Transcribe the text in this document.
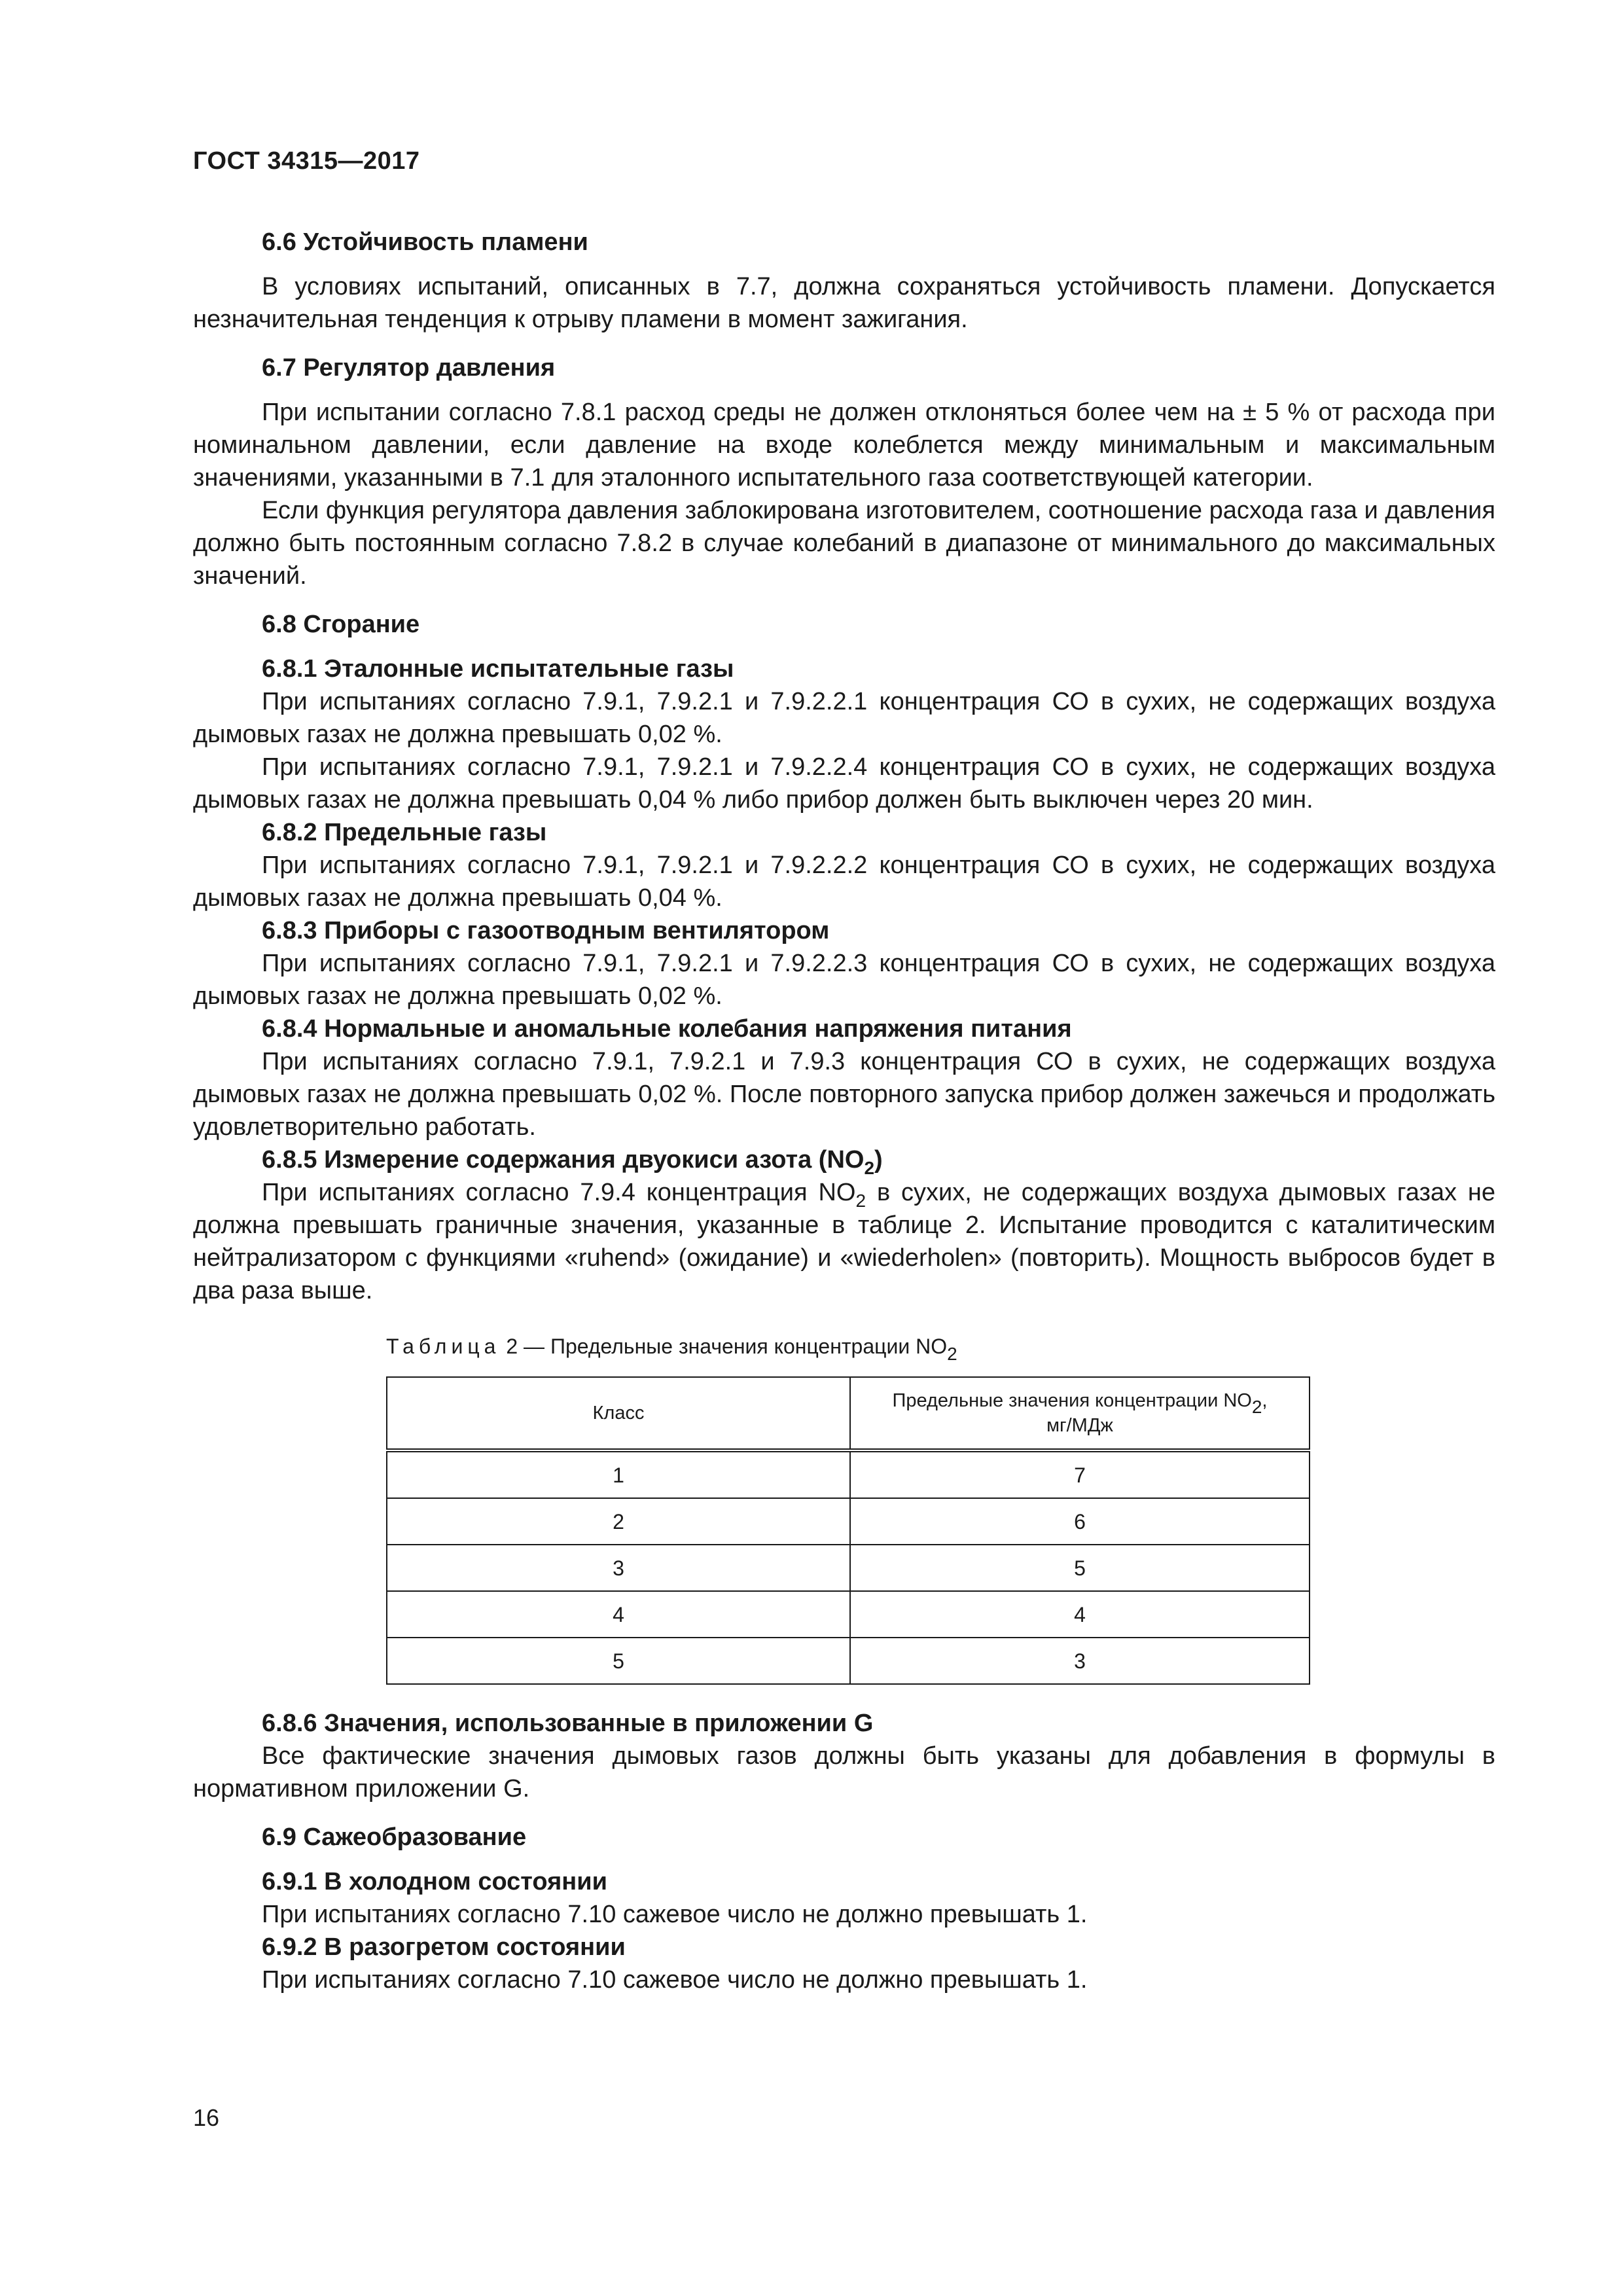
ГОСТ 34315—2017

6.6 Устойчивость пламени

В условиях испытаний, описанных в 7.7, должна сохраняться устойчивость пламени. Допускается незначительная тенденция к отрыву пламени в момент зажигания.

6.7 Регулятор давления

При испытании согласно 7.8.1 расход среды не должен отклоняться более чем на ± 5 % от расхода при номинальном давлении, если давление на входе колеблется между минимальным и максимальным значениями, указанными в 7.1 для эталонного испытательного газа соответствующей категории.

Если функция регулятора давления заблокирована изготовителем, соотношение расхода газа и давления должно быть постоянным согласно 7.8.2 в случае колебаний в диапазоне от минимального до максимальных значений.

6.8 Сгорание

6.8.1 Эталонные испытательные газы

При испытаниях согласно 7.9.1, 7.9.2.1 и 7.9.2.2.1 концентрация СО в сухих, не содержащих воздуха дымовых газах не должна превышать 0,02 %.

При испытаниях согласно 7.9.1, 7.9.2.1 и 7.9.2.2.4 концентрация СО в сухих, не содержащих воздуха дымовых газах не должна превышать 0,04 % либо прибор должен быть выключен через 20 мин.

6.8.2 Предельные газы

При испытаниях согласно 7.9.1, 7.9.2.1 и 7.9.2.2.2 концентрация СО в сухих, не содержащих воздуха дымовых газах не должна превышать 0,04 %.

6.8.3 Приборы с газоотводным вентилятором

При испытаниях согласно 7.9.1, 7.9.2.1 и 7.9.2.2.3 концентрация СО в сухих, не содержащих воздуха дымовых газах не должна превышать 0,02 %.

6.8.4 Нормальные и аномальные колебания напряжения питания

При испытаниях согласно 7.9.1, 7.9.2.1 и 7.9.3 концентрация СО в сухих, не содержащих воздуха дымовых газах не должна превышать 0,02 %. После повторного запуска прибор должен зажечься и продолжать удовлетворительно работать.

6.8.5 Измерение содержания двуокиси азота $(NO_2)$

При испытаниях согласно 7.9.4 концентрация $NO_2$ в сухих, не содержащих воздуха дымовых газах не должна превышать граничные значения, указанные в таблице 2. Испытание проводится с каталитическим нейтрализатором с функциями «ruhend» (ожидание) и «wiederholen» (повторить). Мощность выбросов будет в два раза выше.

Таблица 2 — Предельные значения концентрации $NO_2$

Класс	Предельные значения концентрации $NO_2$,
мг/МДж
1	7
2	6
3	5
4	4
5	3

6.8.6 Значения, использованные в приложении G

Все фактические значения дымовых газов должны быть указаны для добавления в формулы в нормативном приложении G.

6.9 Сажеобразование

6.9.1 В холодном состоянии

При испытаниях согласно 7.10 сажевое число не должно превышать 1.

6.9.2 В разогретом состоянии

При испытаниях согласно 7.10 сажевое число не должно превышать 1.

16
